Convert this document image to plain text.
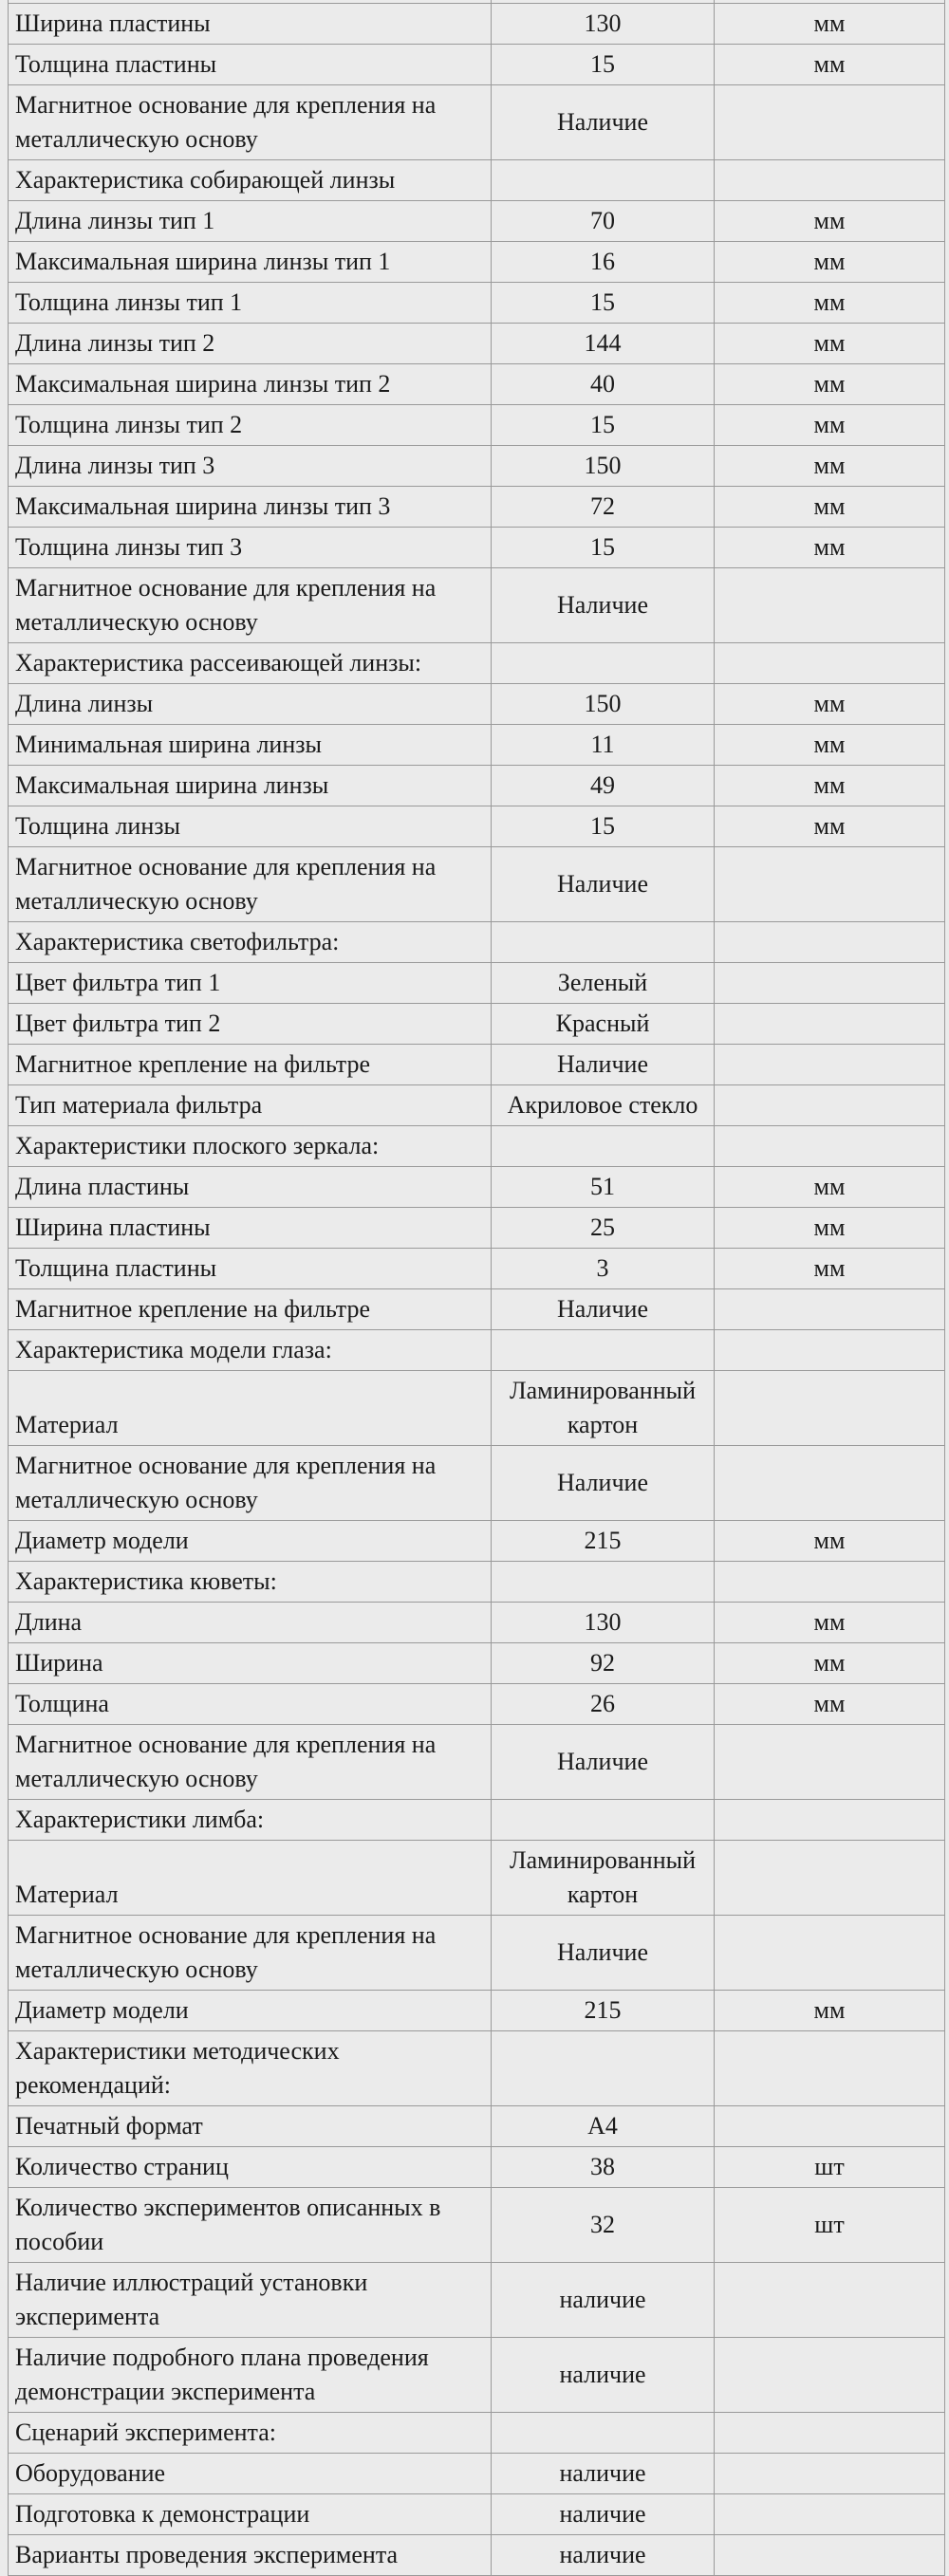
Ширина пластины	130	мм
Толщина пластины	15	мм
Магнитное основание для крепления на металлическую основу	Наличие	
Характеристика собирающей линзы		
Длина линзы тип 1	70	мм
Максимальная ширина линзы тип 1	16	мм
Толщина линзы тип 1	15	мм
Длина линзы тип 2	144	мм
Максимальная ширина линзы тип 2	40	мм
Толщина линзы тип 2	15	мм
Длина линзы тип 3	150	мм
Максимальная ширина линзы тип 3	72	мм
Толщина линзы тип 3	15	мм
Магнитное основание для крепления на металлическую основу	Наличие	
Характеристика рассеивающей линзы:		
Длина линзы	150	мм
Минимальная ширина линзы	11	мм
Максимальная ширина линзы	49	мм
Толщина линзы	15	мм
Магнитное основание для крепления на металлическую основу	Наличие	
Характеристика светофильтра:		
Цвет фильтра тип 1	Зеленый	
Цвет фильтра тип 2	Красный	
Магнитное крепление на фильтре	Наличие	
Тип материала фильтра	Акриловое стекло	
Характеристики плоского зеркала:		
Длина пластины	51	мм
Ширина пластины	25	мм
Толщина пластины	3	мм
Магнитное крепление на фильтре	Наличие	
Характеристика модели глаза:		
Материал	Ламинированный картон	
Магнитное основание для крепления на металлическую основу	Наличие	
Диаметр модели	215	мм
Характеристика кюветы:		
Длина	130	мм
Ширина	92	мм
Толщина	26	мм
Магнитное основание для крепления на металлическую основу	Наличие	
Характеристики лимба:		
Материал	Ламинированный картон	
Магнитное основание для крепления на металлическую основу	Наличие	
Диаметр модели	215	мм
Характеристики методических рекомендаций:		
Печатный формат	А4	
Количество страниц	38	шт
Количество экспериментов описанных в пособии	32	шт
Наличие иллюстраций установки эксперимента	наличие	
Наличие подробного плана проведения демонстрации эксперимента	наличие	
Сценарий эксперимента:		
Оборудование	наличие	
Подготовка к демонстрации	наличие	
Варианты проведения эксперимента	наличие	
